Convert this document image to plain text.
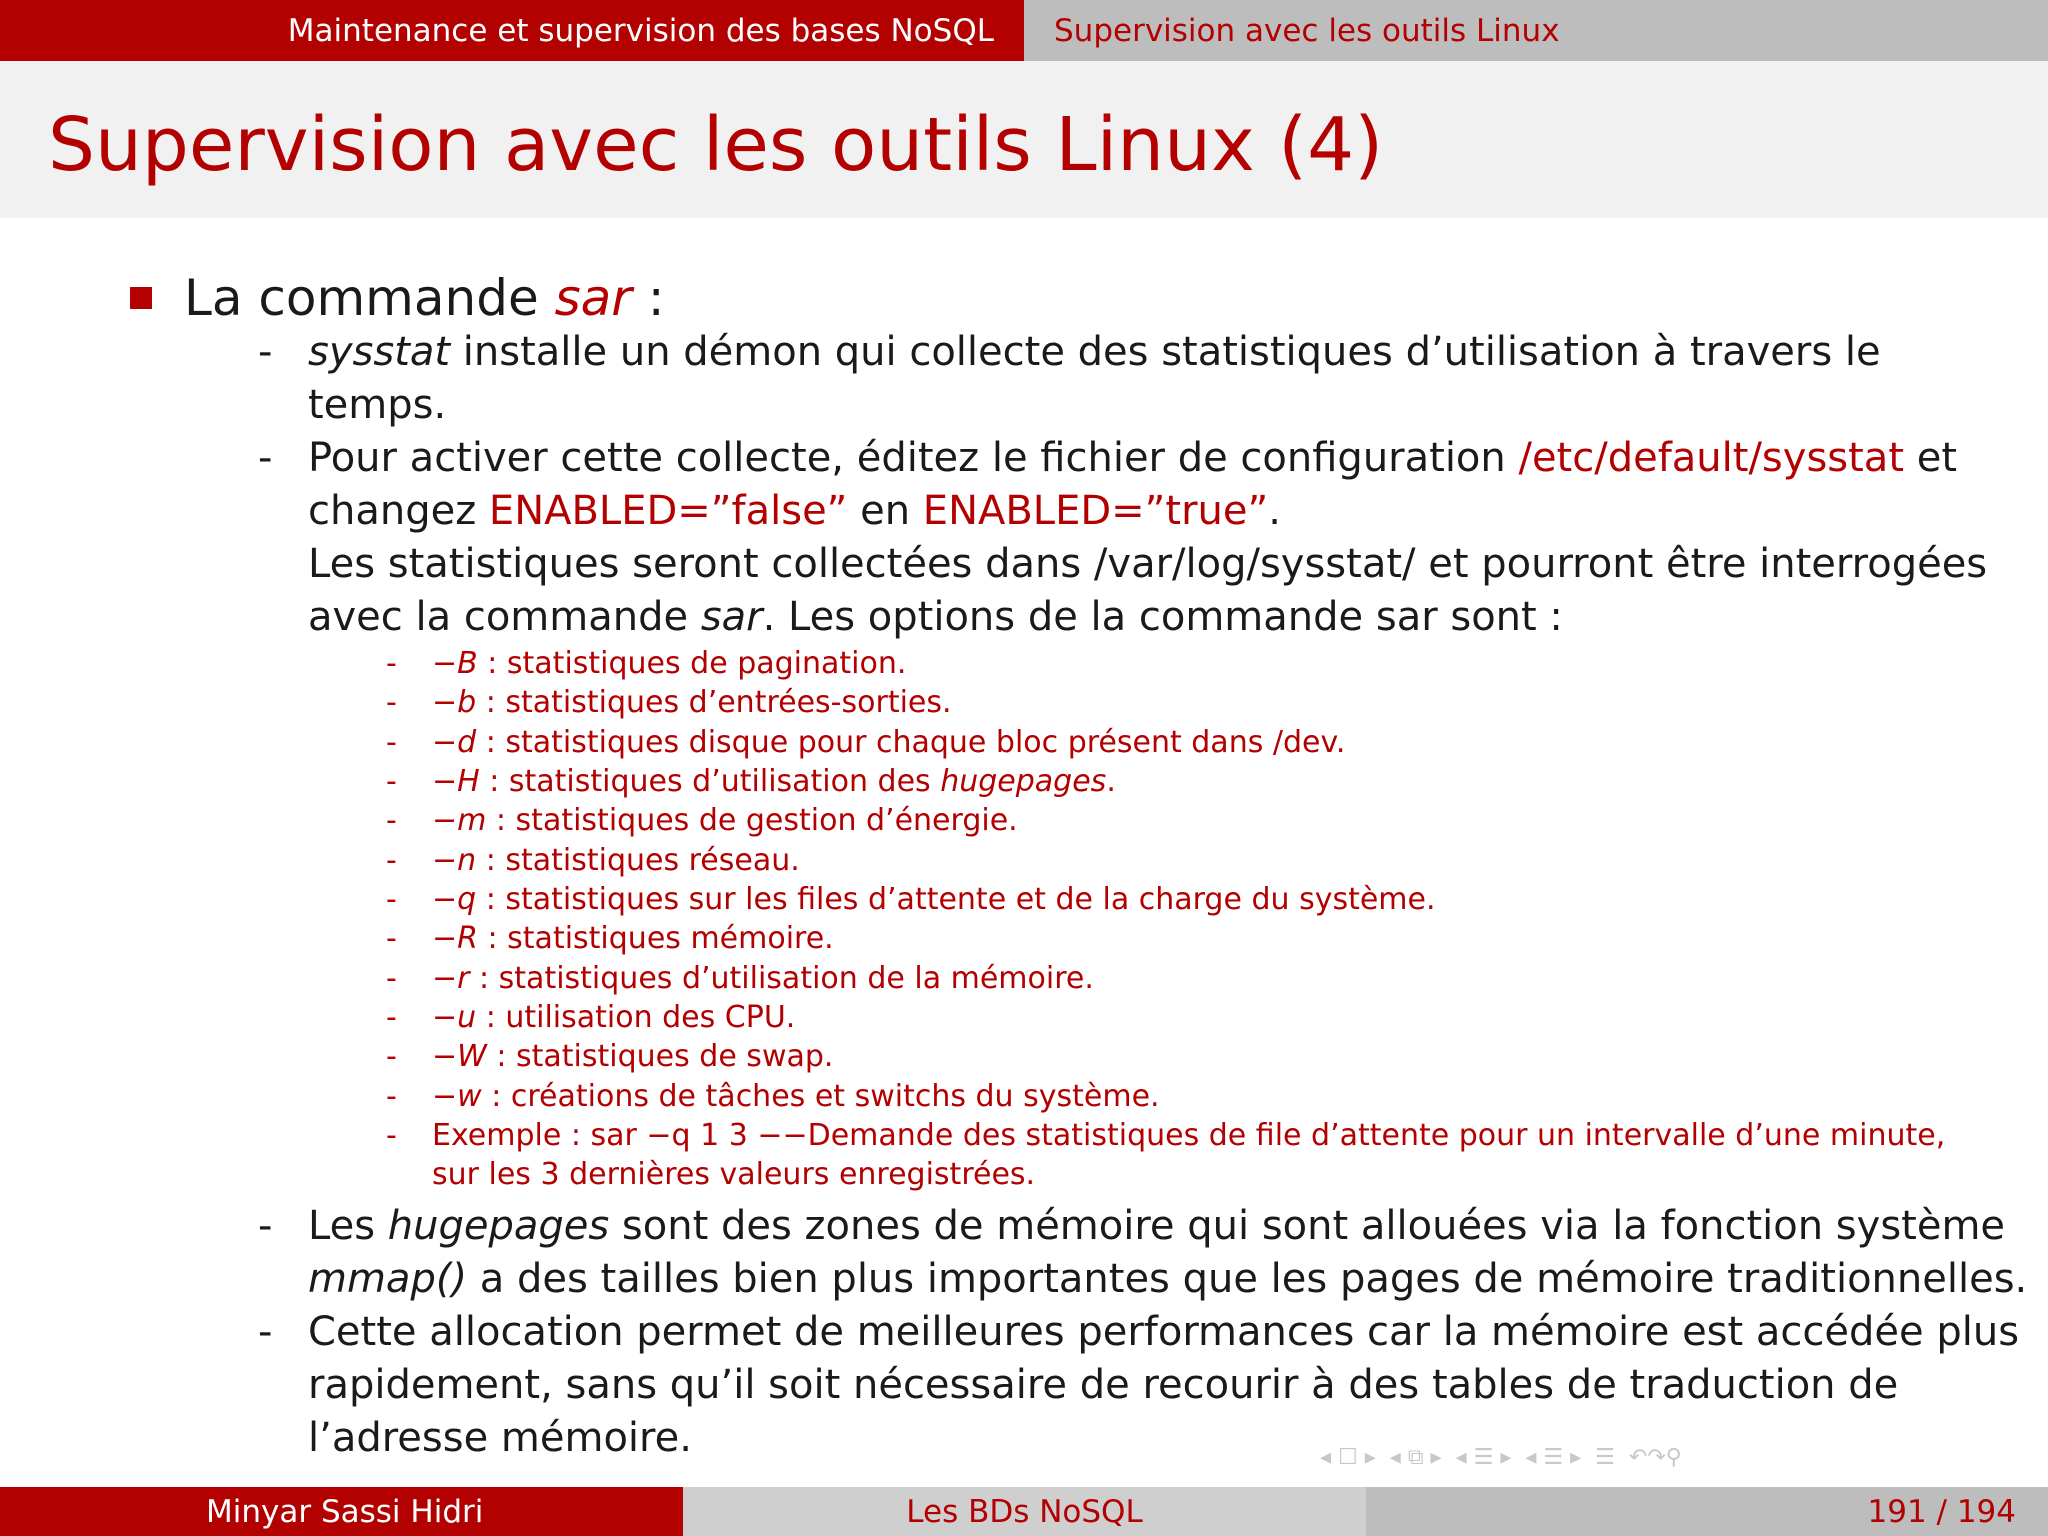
Maintenance et supervision des bases NoSQL Supervision avec les outils Linux
Supervision avec les outils Linux (4)
La commande sar :
- sysstat installe un démon qui collecte des statistiques d’utilisation à travers le
temps.
- Pour activer cette collecte, éditez le fichier de configuration /etc/default/sysstat et
changez ENABLED=”false” en ENABLED=”true”.
Les statistiques seront collectées dans /var/log/sysstat/ et pourront être interrogées
avec la commande sar. Les options de la commande sar sont :
- −B : statistiques de pagination.
- −b : statistiques d’entrées-sorties.
- −d : statistiques disque pour chaque bloc présent dans /dev.
- −H : statistiques d’utilisation des hugepages.
- −m : statistiques de gestion d’énergie.
- −n : statistiques réseau.
- −q : statistiques sur les files d’attente et de la charge du système.
- −R : statistiques mémoire.
- −r : statistiques d’utilisation de la mémoire.
- −u : utilisation des CPU.
- −W : statistiques de swap.
- −w : créations de tâches et switchs du système.
- Exemple : sar −q 1 3 −−Demande des statistiques de file d’attente pour un intervalle d’une minute,
sur les 3 dernières valeurs enregistrées.
- Les hugepages sont des zones de mémoire qui sont allouées via la fonction système
mmap() a des tailles bien plus importantes que les pages de mémoire traditionnelles.
- Cette allocation permet de meilleures performances car la mémoire est accédée plus
rapidement, sans qu’il soit nécessaire de recourir à des tables de traduction de
l’adresse mémoire.	◂ ☐ ▸ ◂ ⧉ ▸ ◂ ☰ ▸ ◂ ☰ ▸ ☰ ↶↷⚲
Minyar Sassi Hidri	Les BDs NoSQL	191 / 194
